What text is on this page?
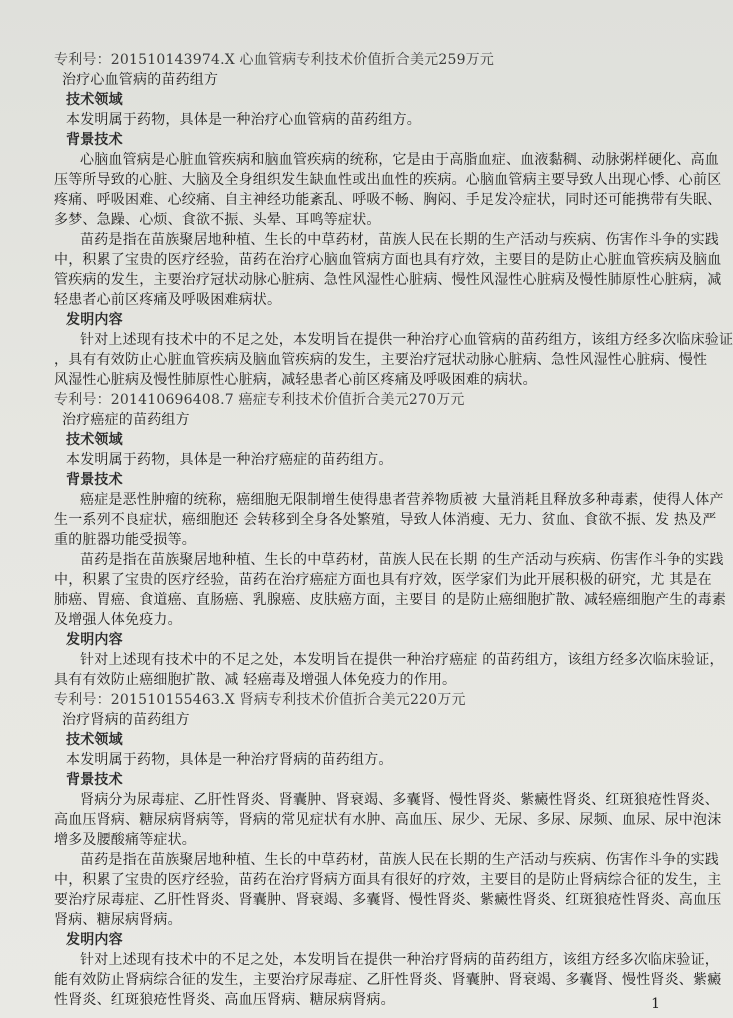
专利号：201510143974.X 心血管病专利技术价值折合美元259万元
治疗心血管病的苗药组方
技术领域
本发明属于药物，具体是一种治疗心血管病的苗药组方。
背景技术
心脑血管病是心脏血管疾病和脑血管疾病的统称，它是由于高脂血症、血液黏稠、动脉粥样硬化、高血
压等所导致的心脏、大脑及全身组织发生缺血性或出血性的疾病。心脑血管病主要导致人出现心悸、心前区
疼痛、呼吸困难、心绞痛、自主神经功能紊乱、呼吸不畅、胸闷、手足发冷症状，同时还可能携带有失眠、
多梦、急躁、心烦、食欲不振、头晕、耳鸣等症状。
苗药是指在苗族聚居地种植、生长的中草药材，苗族人民在长期的生产活动与疾病、伤害作斗争的实践
中，积累了宝贵的医疗经验，苗药在治疗心脑血管病方面也具有疗效，主要目的是防止心脏血管疾病及脑血
管疾病的发生，主要治疗冠状动脉心脏病、急性风湿性心脏病、慢性风湿性心脏病及慢性肺原性心脏病，减
轻患者心前区疼痛及呼吸困难病状。
发明内容
针对上述现有技术中的不足之处，本发明旨在提供一种治疗心血管病的苗药组方，该组方经多次临床验证
，具有有效防止心脏血管疾病及脑血管疾病的发生，主要治疗冠状动脉心脏病、急性风湿性心脏病、慢性
风湿性心脏病及慢性肺原性心脏病，减轻患者心前区疼痛及呼吸困难的病状。
专利号：201410696408.7 癌症专利技术价值折合美元270万元
治疗癌症的苗药组方
技术领域
本发明属于药物，具体是一种治疗癌症的苗药组方。
背景技术
癌症是恶性肿瘤的统称，癌细胞无限制增生使得患者营养物质被 大量消耗且释放多种毒素，使得人体产
生一系列不良症状，癌细胞还 会转移到全身各处繁殖，导致人体消瘦、无力、贫血、食欲不振、发 热及严
重的脏器功能受损等。
苗药是指在苗族聚居地种植、生长的中草药材，苗族人民在长期 的生产活动与疾病、伤害作斗争的实践
中，积累了宝贵的医疗经验，苗药在治疗癌症方面也具有疗效，医学家们为此开展积极的研究，尤 其是在
肺癌、胃癌、食道癌、直肠癌、乳腺癌、皮肤癌方面，主要目 的是防止癌细胞扩散、减轻癌细胞产生的毒素
及增强人体免疫力。
发明内容
针对上述现有技术中的不足之处，本发明旨在提供一种治疗癌症 的苗药组方，该组方经多次临床验证，
具有有效防止癌细胞扩散、减 轻癌毒及增强人体免疫力的作用。
专利号：201510155463.X 肾病专利技术价值折合美元220万元
治疗肾病的苗药组方
技术领域
本发明属于药物，具体是一种治疗肾病的苗药组方。
背景技术
肾病分为尿毒症、乙肝性肾炎、肾囊肿、肾衰竭、多囊肾、慢性肾炎、紫癜性肾炎、红斑狼疮性肾炎、
高血压肾病、糖尿病肾病等，肾病的常见症状有水肿、高血压、尿少、无尿、多尿、尿频、血尿、尿中泡沫
增多及腰酸痛等症状。
苗药是指在苗族聚居地种植、生长的中草药材，苗族人民在长期的生产活动与疾病、伤害作斗争的实践
中，积累了宝贵的医疗经验，苗药在治疗肾病方面具有很好的疗效，主要目的是防止肾病综合征的发生，主
要治疗尿毒症、乙肝性肾炎、肾囊肿、肾衰竭、多囊肾、慢性肾炎、紫癜性肾炎、红斑狼疮性肾炎、高血压
肾病、糖尿病肾病。
发明内容
针对上述现有技术中的不足之处，本发明旨在提供一种治疗肾病的苗药组方，该组方经多次临床验证，
能有效防止肾病综合征的发生，主要治疗尿毒症、乙肝性肾炎、肾囊肿、肾衰竭、多囊肾、慢性肾炎、紫癜
性肾炎、红斑狼疮性肾炎、高血压肾病、糖尿病肾病。	1
